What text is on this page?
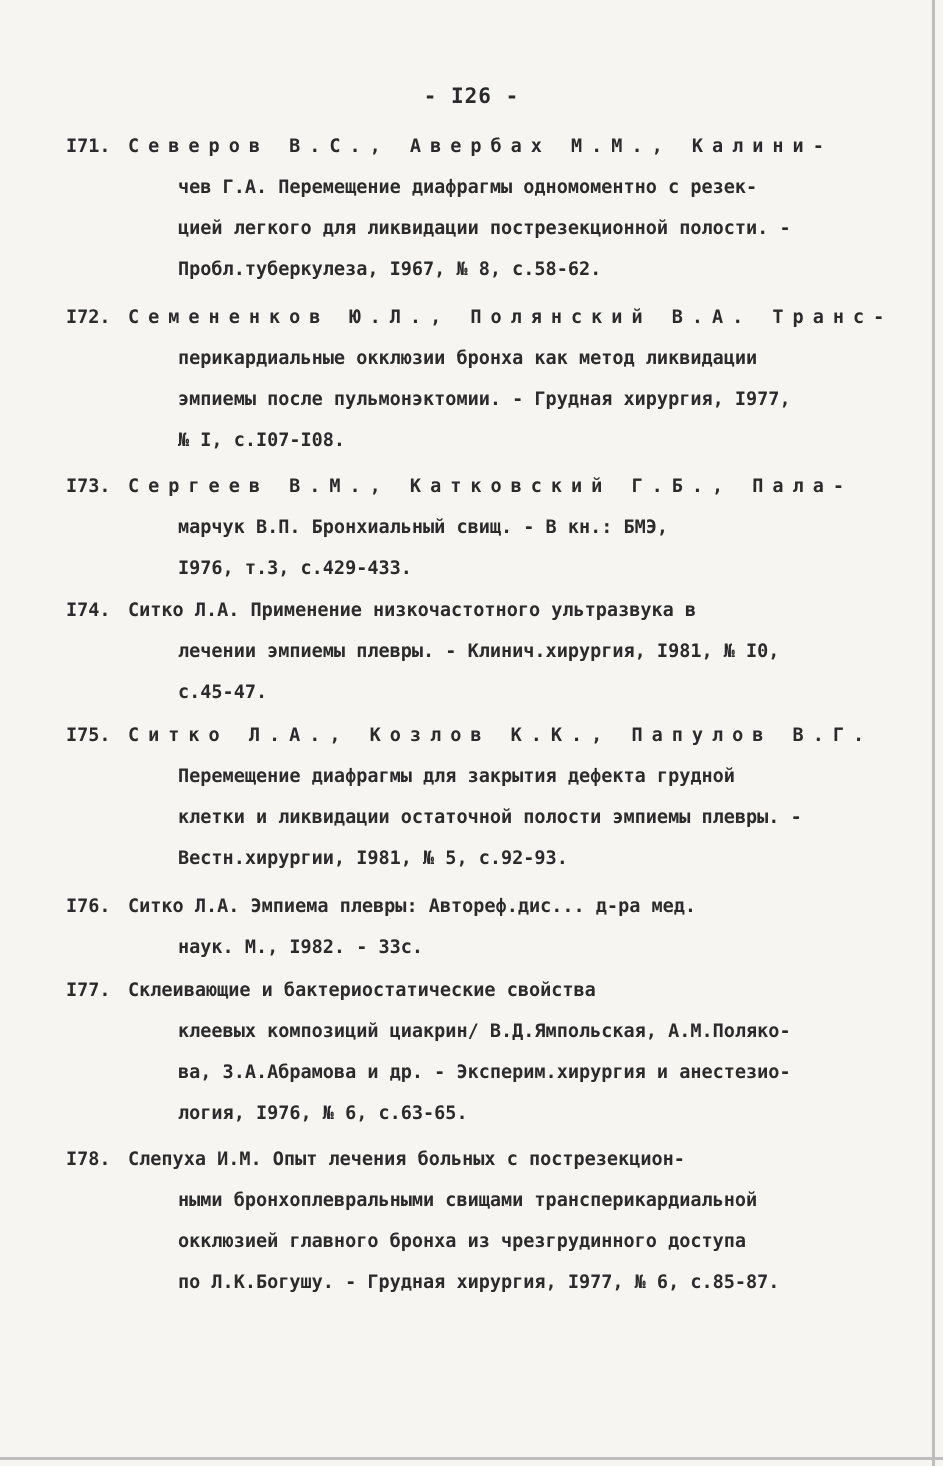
- I26 -
I71. Северов В.С., Авербах М.М., Калини-
чев Г.А. Перемещение диафрагмы одномоментно с резек-
цией легкого для ликвидации пострезекционной полости. -
Пробл.туберкулеза, I967, № 8, с.58-62.
I72. Семененков Ю.Л., Полянский В.А. Транс-
перикардиальные окклюзии бронха как метод ликвидации
эмпиемы после пульмонэктомии. - Грудная хирургия, I977,
№ I, с.I07-I08.
I73. Сергеев В.М., Катковский Г.Б., Пала-
марчук В.П. Бронхиальный свищ. - В кн.: БМЭ,
I976, т.3, с.429-433.
I74. Ситко Л.А. Применение низкочастотного ультразвука в
лечении эмпиемы плевры. - Клинич.хирургия, I981, № I0,
с.45-47.
I75. Ситко Л.А., Козлов К.К., Папулов В.Г.
Перемещение диафрагмы для закрытия дефекта грудной
клетки и ликвидации остаточной полости эмпиемы плевры. -
Вестн.хирургии, I981, № 5, с.92-93.
I76. Ситко Л.А. Эмпиема плевры: Автореф.дис... д-ра мед.
наук. М., I982. - 33с.
I77. Склеивающие и бактериостатические свойства
клеевых композиций циакрин/ В.Д.Ямпольская, А.М.Полякo-
ва, З.А.Абрамова и др. - Эксперим.хирургия и анестезио-
логия, I976, № 6, с.63-65.
I78. Слепуха И.М. Опыт лечения больных с пострезекцион-
ными бронхоплевральными свищами трансперикардиальной
окклюзией главного бронха из чрезгрудинного доступа
по Л.К.Богушу. - Грудная хирургия, I977, № 6, с.85-87.
